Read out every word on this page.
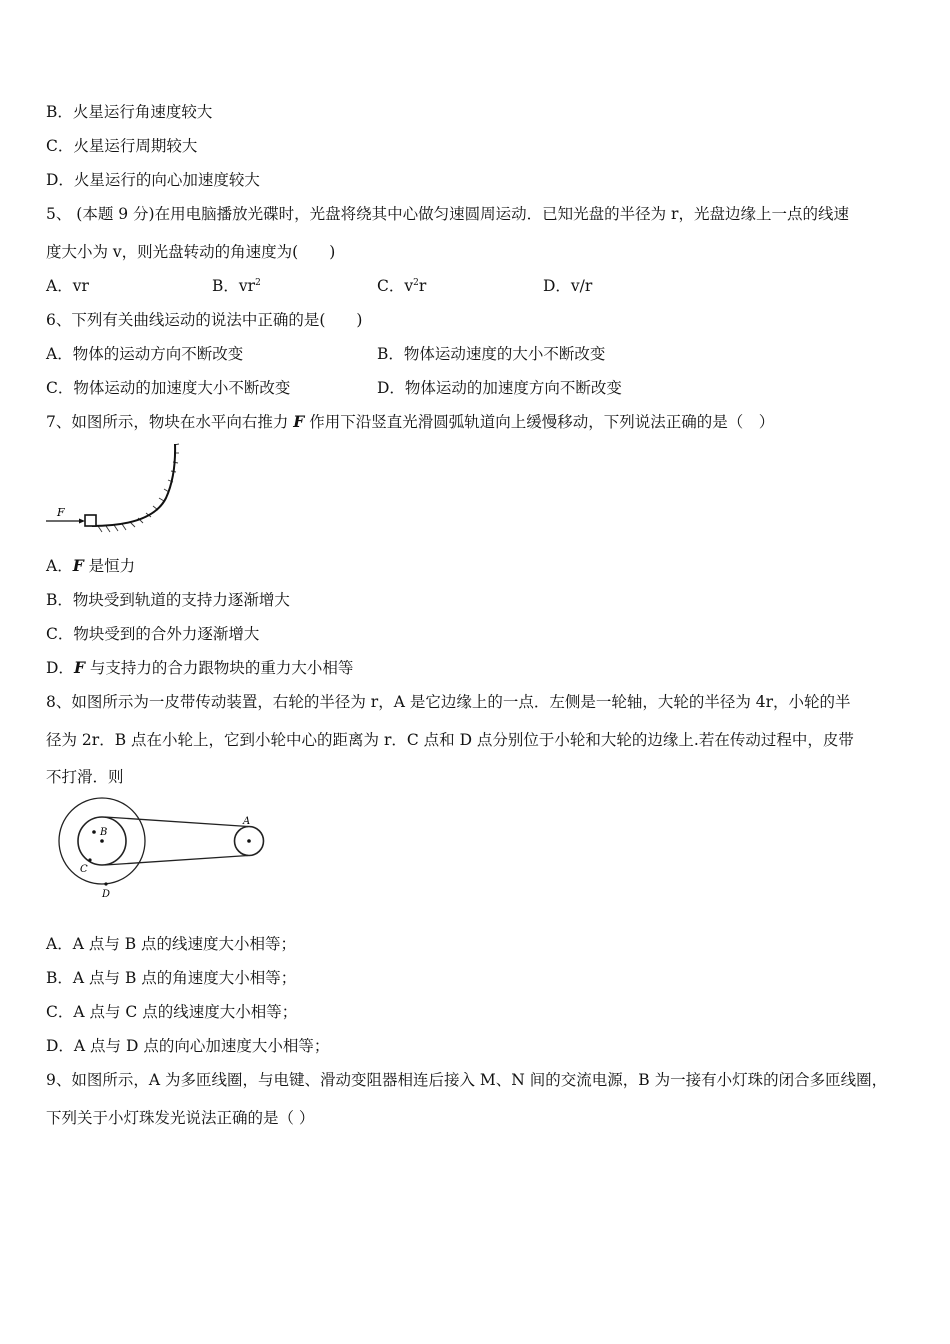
B．火星运行角速度较大
C．火星运行周期较大
D．火星运行的向心加速度较大
5、 (本题 9 分)在用电脑播放光碟时，光盘将绕其中心做匀速圆周运动．已知光盘的半径为 r，光盘边缘上一点的线速
度大小为 v，则光盘转动的角速度为(　　)
A．vr	B．$vr^2$	C．$v^2r$	D．v/r
6、下列有关曲线运动的说法中正确的是(　　)
A．物体的运动方向不断改变	B．物体运动速度的大小不断改变
C．物体运动的加速度大小不断改变	D．物体运动的加速度方向不断改变
7、如图所示，物块在水平向右推力 F 作用下沿竖直光滑圆弧轨道向上缓慢移动，下列说法正确的是（　）
F
A．F 是恒力
B．物块受到轨道的支持力逐渐增大
C．物块受到的合外力逐渐增大
D．F 与支持力的合力跟物块的重力大小相等
8、如图所示为一皮带传动装置，右轮的半径为 r，A 是它边缘上的一点．左侧是一轮轴，大轮的半径为 4r，小轮的半
径为 2r．B 点在小轮上，它到小轮中心的距离为 r．C 点和 D 点分别位于小轮和大轮的边缘上.若在传动过程中，皮带
不打滑．则
B
C
D
A
A．A 点与 B 点的线速度大小相等；
B．A 点与 B 点的角速度大小相等；
C．A 点与 C 点的线速度大小相等；
D．A 点与 D 点的向心加速度大小相等；
9、如图所示，A 为多匝线圈，与电键、滑动变阻器相连后接入 M、N 间的交流电源，B 为一接有小灯珠的闭合多匝线圈，
下列关于小灯珠发光说法正确的是（ ）
